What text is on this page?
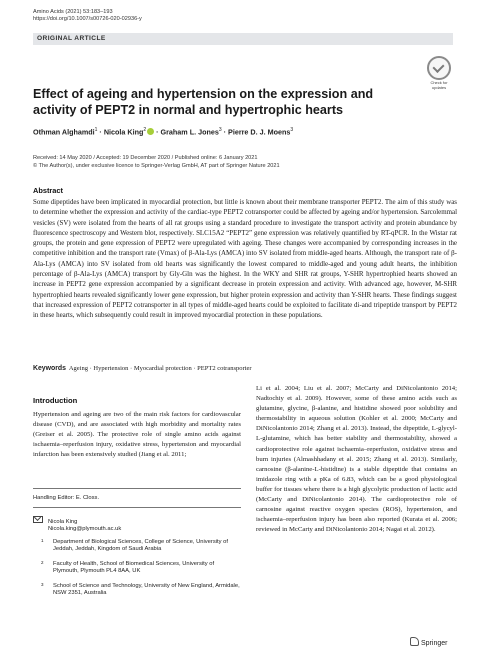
Amino Acids (2021) 53:183–193
https://doi.org/10.1007/s00726-020-02936-y
ORIGINAL ARTICLE
Check for
updates
Effect of ageing and hypertension on the expression and activity of PEPT2 in normal and hypertrophic hearts
Othman Alghamdi$^1$ · Nicola King$^2$ · Graham L. Jones$^3$ · Pierre D. J. Moens$^3$
Received: 14 May 2020 / Accepted: 19 December 2020 / Published online: 6 January 2021
© The Author(s), under exclusive licence to Springer-Verlag GmbH, AT part of Springer Nature 2021
Abstract
Some dipeptides have been implicated in myocardial protection, but little is known about their membrane transporter PEPT2. The aim of this study was to determine whether the expression and activity of the cardiac-type PEPT2 cotransporter could be affected by ageing and/or hypertension. Sarcolemmal vesicles (SV) were isolated from the hearts of all rat groups using a standard procedure to investigate the transport activity and protein abundance by fluorescence spectroscopy and Western blot, respectively. SLC15A2 “PEPT2” gene expression was relatively quantified by RT-qPCR. In the Wistar rat groups, the protein and gene expression of PEPT2 were upregulated with ageing. These changes were accompanied by corresponding increases in the competitive inhibition and the transport rate (Vmax) of β-Ala-Lys (AMCA) into SV isolated from middle-aged hearts. Although, the transport rate of β-Ala-Lys (AMCA) into SV isolated from old hearts was significantly the lowest compared to middle-aged and young adult hearts, the inhibition percentage of β-Ala-Lys (AMCA) transport by Gly-Gln was the highest. In the WKY and SHR rat groups, Y-SHR hypertrophied hearts showed an increase in PEPT2 gene expression accompanied by a significant decrease in protein expression and activity. With advanced age, however, M-SHR hypertrophied hearts revealed significantly lower gene expression, but higher protein expression and activity than Y-SHR hearts. These findings suggest that increased expression of PEPT2 cotransporter in all types of middle-aged hearts could be exploited to facilitate di-and tripeptide transport by PEPT2 in these hearts, which subsequently could result in improved myocardial protection in these populations.
Keywords Ageing · Hypertension · Myocardial protection · PEPT2 cotransporter
Introduction
Hypertension and ageing are two of the main risk factors for cardiovascular disease (CVD), and are associated with high morbidity and mortality rates (Greiser et al. 2005). The protective role of single amino acids against ischaemia–reperfusion injury, oxidative stress, hypertension and myocardial infarction has been extensively studied (Jiang et al. 2011;
Li et al. 2004; Liu et al. 2007; McCarty and DiNicolantonio 2014; Nadtochiy et al. 2009). However, some of these amino acids such as glutamine, glycine, β-alanine, and histidine showed poor solubility and thermostability in aqueous solution (Kohler et al. 2000; McCarty and DiNicolantonio 2014; Zhang et al. 2013). Instead, the dipeptide, L-glycyl-L-glutamine, which has better stability and thermostability, showed a cardioprotective role against ischaemia–reperfusion, oxidative stress and burn injuries (Almashhadany et al. 2015; Zhang et al. 2013). Similarly, carnosine (β-alanine-L-histidine) is a stable dipeptide that contains an imidazole ring with a pKa of 6.83, which can be a good physiological buffer for tissues where there is a high glycolytic production of lactic acid (McCarty and DiNicolantonio 2014). The cardioprotective role of carnosine against reactive oxygen species (ROS), hypertension, and ischaemia–reperfusion injury has been also reported (Kurata et al. 2006; reviewed in McCarty and DiNicolantonio 2014; Nagai et al. 2012).
Handling Editor: E. Closs.
Nicola King
Nicola.king@plymouth.ac.uk
1 Department of Biological Sciences, College of Science, University of Jeddah, Jeddah, Kingdom of Saudi Arabia
2 Faculty of Health, School of Biomedical Sciences, University of Plymouth, Plymouth PL4 8AA, UK
3 School of Science and Technology, University of New England, Armidale, NSW 2351, Australia
Springer
